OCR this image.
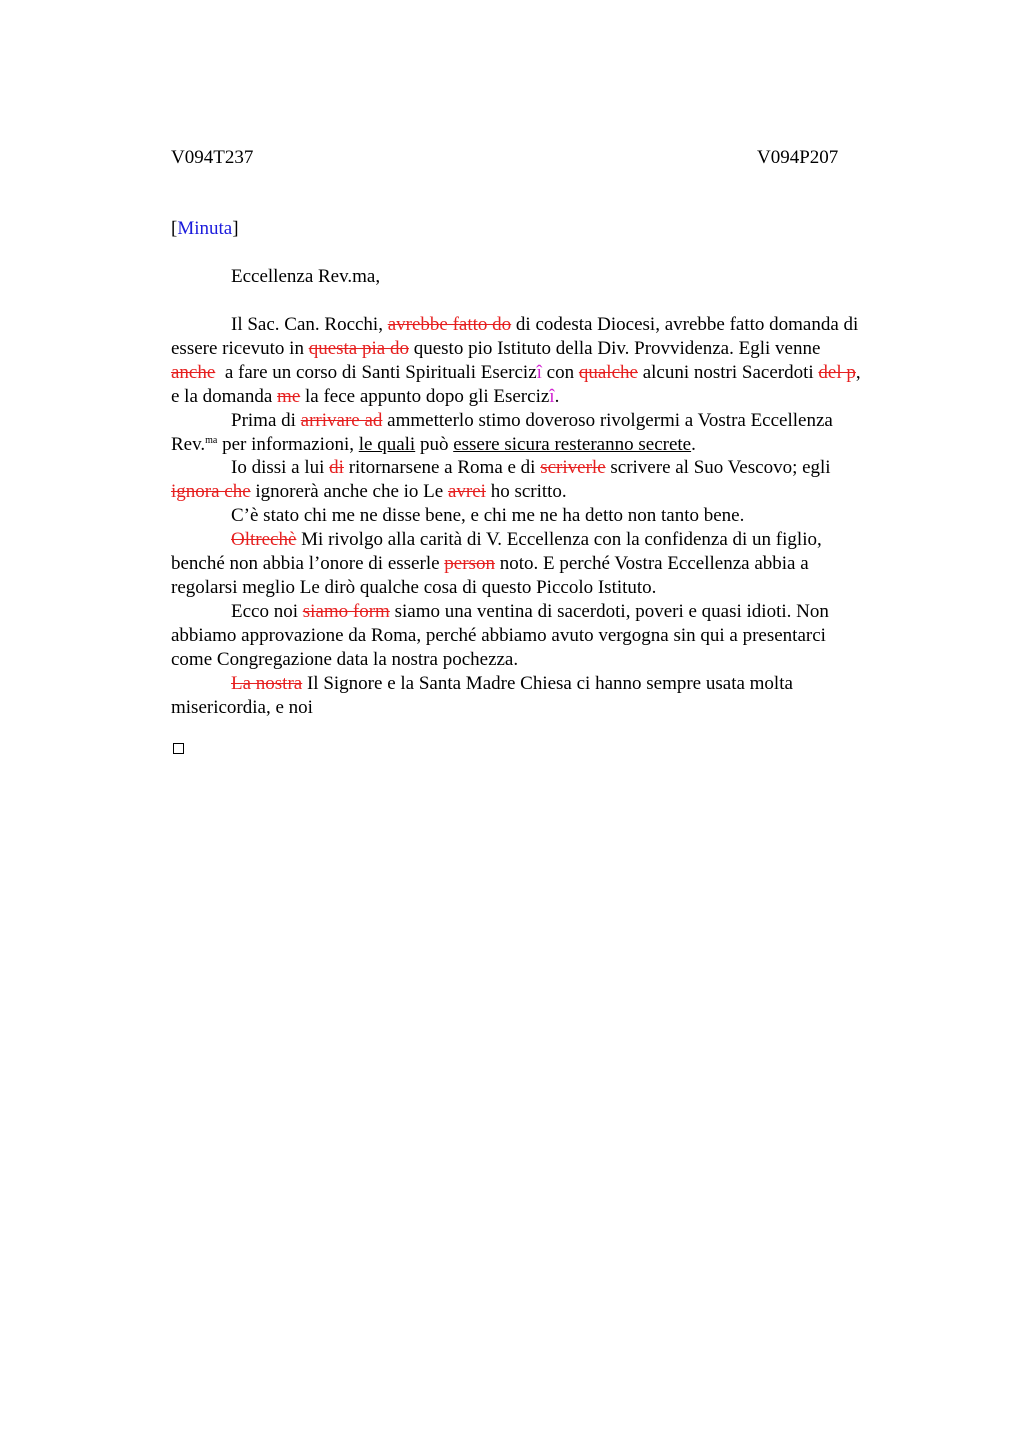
V094T237	V094P207
[Minuta]
Eccellenza Rev.ma,

Il Sac. Can. Rocchi, avrebbe fatto do di codesta Diocesi, avrebbe fatto domanda di
essere ricevuto in questa pia do questo pio Istituto della Div. Provvidenza. Egli venne
anche  a fare un corso di Santi Spirituali Esercizî con qualche alcuni nostri Sacerdoti del p,
e la domanda me la fece appunto dopo gli Esercizî.

Prima di arrivare ad ammetterlo stimo doveroso rivolgermi a Vostra Eccellenza
Rev.$^{ma}$ per informazioni, le quali può essere sicura resteranno secrete.

Io dissi a lui di ritornarsene a Roma e di scriverle scrivere al Suo Vescovo; egli
ignora che ignorerà anche che io Le avrei ho scritto.

C’è stato chi me ne disse bene, e chi me ne ha detto non tanto bene.

Oltrechè Mi rivolgo alla carità di V. Eccellenza con la confidenza di un figlio,
benché non abbia l’onore di esserle person noto. E perché Vostra Eccellenza abbia a
regolarsi meglio Le dirò qualche cosa di questo Piccolo Istituto.

Ecco noi siamo form siamo una ventina di sacerdoti, poveri e quasi idioti. Non
abbiamo approvazione da Roma, perché abbiamo avuto vergogna sin qui a presentarci
come Congregazione data la nostra pochezza.

La nostra Il Signore e la Santa Madre Chiesa ci hanno sempre usata molta
misericordia, e noi
